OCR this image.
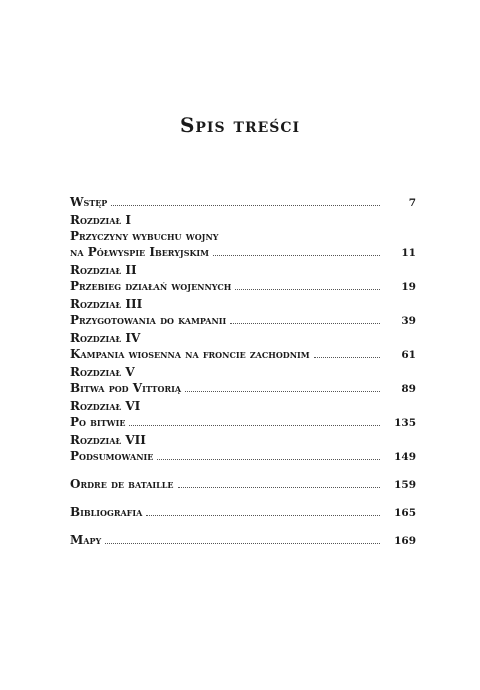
Spis treści
Wstęp	7
Rozdział I
Przyczyny wybuchu wojny
na Półwyspie Iberyjskim	11
Rozdział II
Przebieg działań wojennych	19
Rozdział III
Przygotowania do kampanii	39
Rozdział IV
Kampania wiosenna na froncie zachodnim	61
Rozdział V
Bitwa pod Vittorią	89
Rozdział VI
Po bitwie	135
Rozdział VII
Podsumowanie	149
Ordre de bataille	159
Bibliografia	165
Mapy	169
